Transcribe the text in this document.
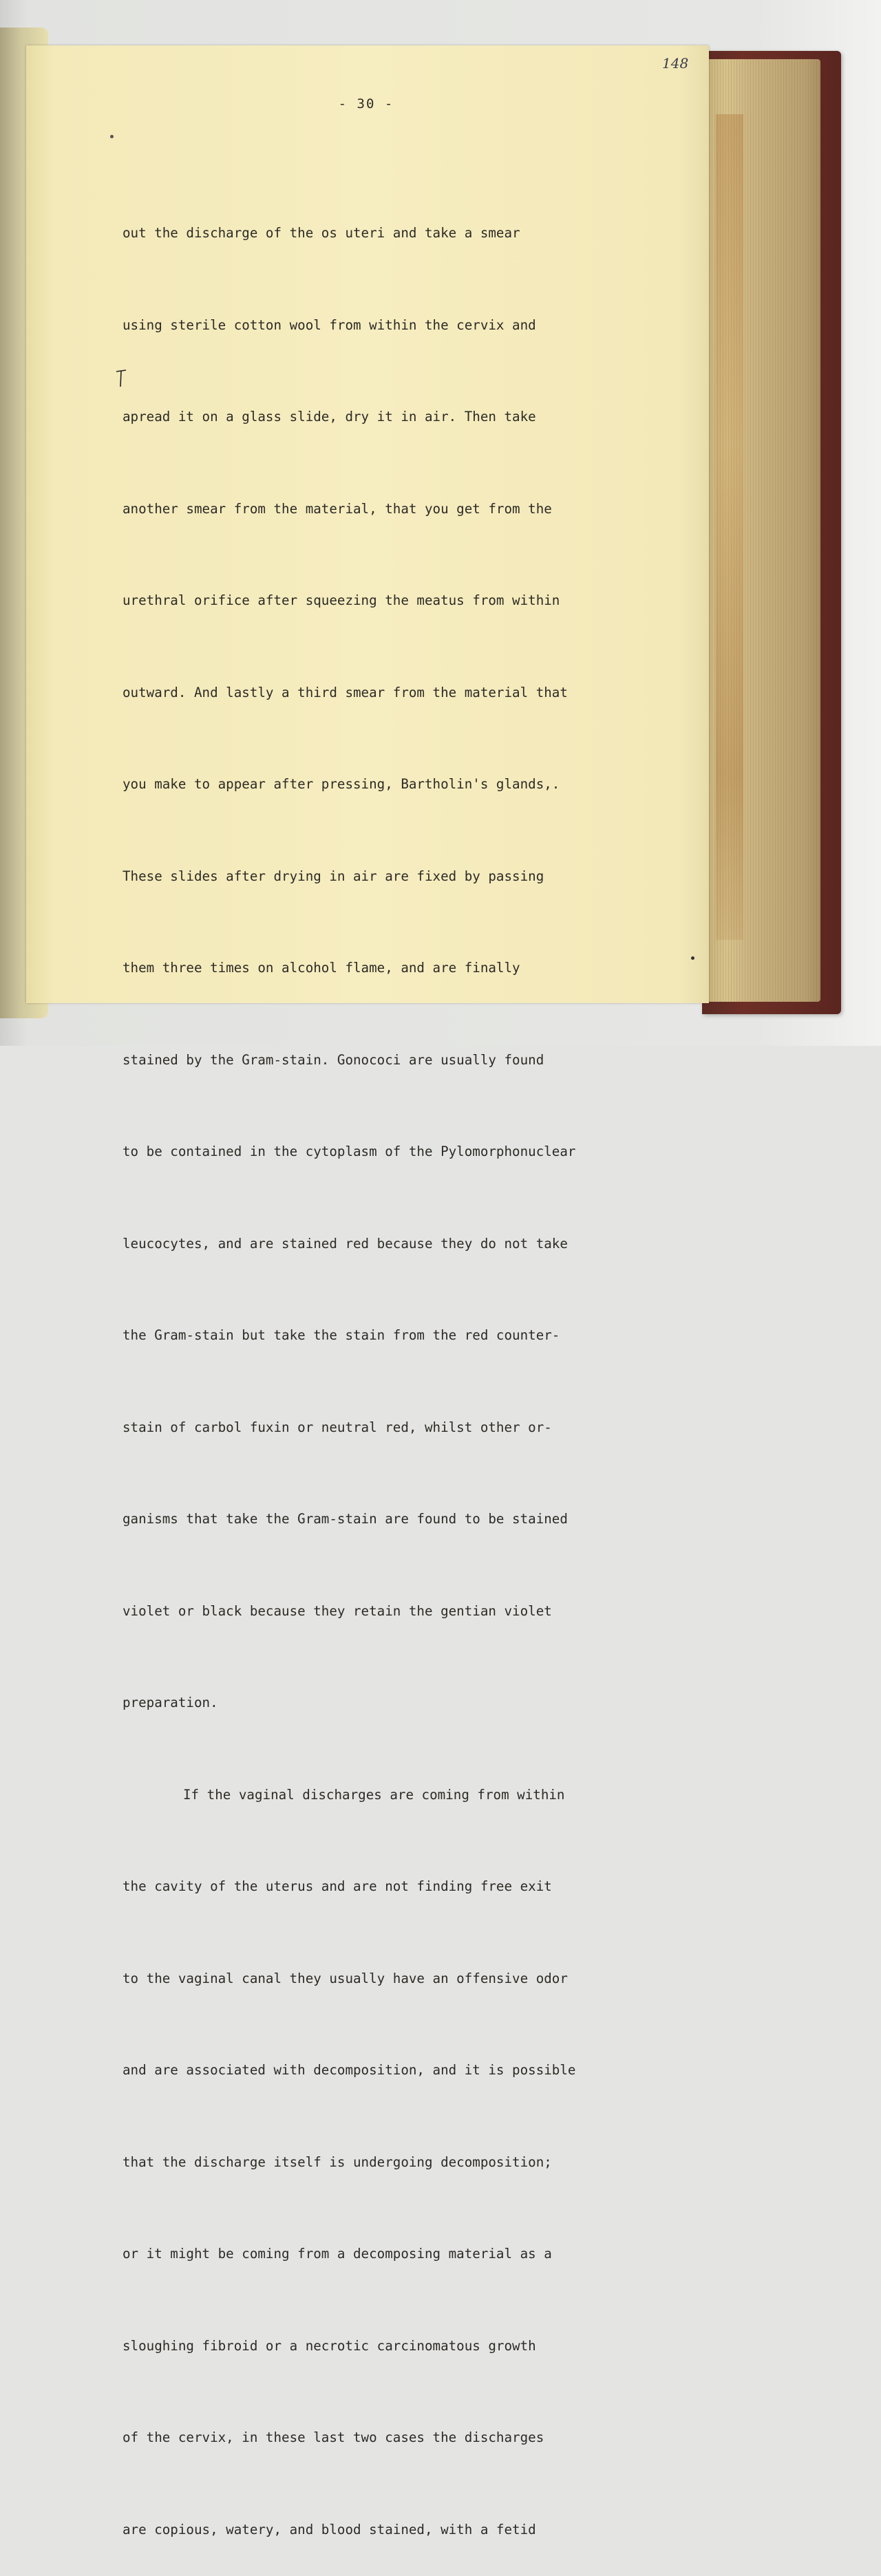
148
- 30 -

out the discharge of the os uteri and take a smear

using sterile cotton wool from within the cervix and

apread it on a glass slide, dry it in air. Then take

another smear from the material, that you get from the

urethral orifice after squeezing the meatus from within

outward. And lastly a third smear from the material that

you make to appear after pressing, Bartholin's glands,.

These slides after drying in air are fixed by passing

them three times on alcohol flame, and are finally

stained by the Gram-stain. Gonococi are usually found

to be contained in the cytoplasm of the Pylomorphonuclear

leucocytes, and are stained red because they do not take

the Gram-stain but take the stain from the red counter-

stain of carbol fuxin or neutral red, whilst other or-

ganisms that take the Gram-stain are found to be stained

violet or black because they retain the gentian violet

preparation.

If the vaginal discharges are coming from within

the cavity of the uterus and are not finding free exit

to the vaginal canal they usually have an offensive odor

and are associated with decomposition, and it is possible

that the discharge itself is undergoing decomposition;

or it might be coming from a decomposing material as a

sloughing fibroid or a necrotic carcinomatous growth

of the cervix, in these last two cases the discharges

are copious, watery, and blood stained, with a fetid
